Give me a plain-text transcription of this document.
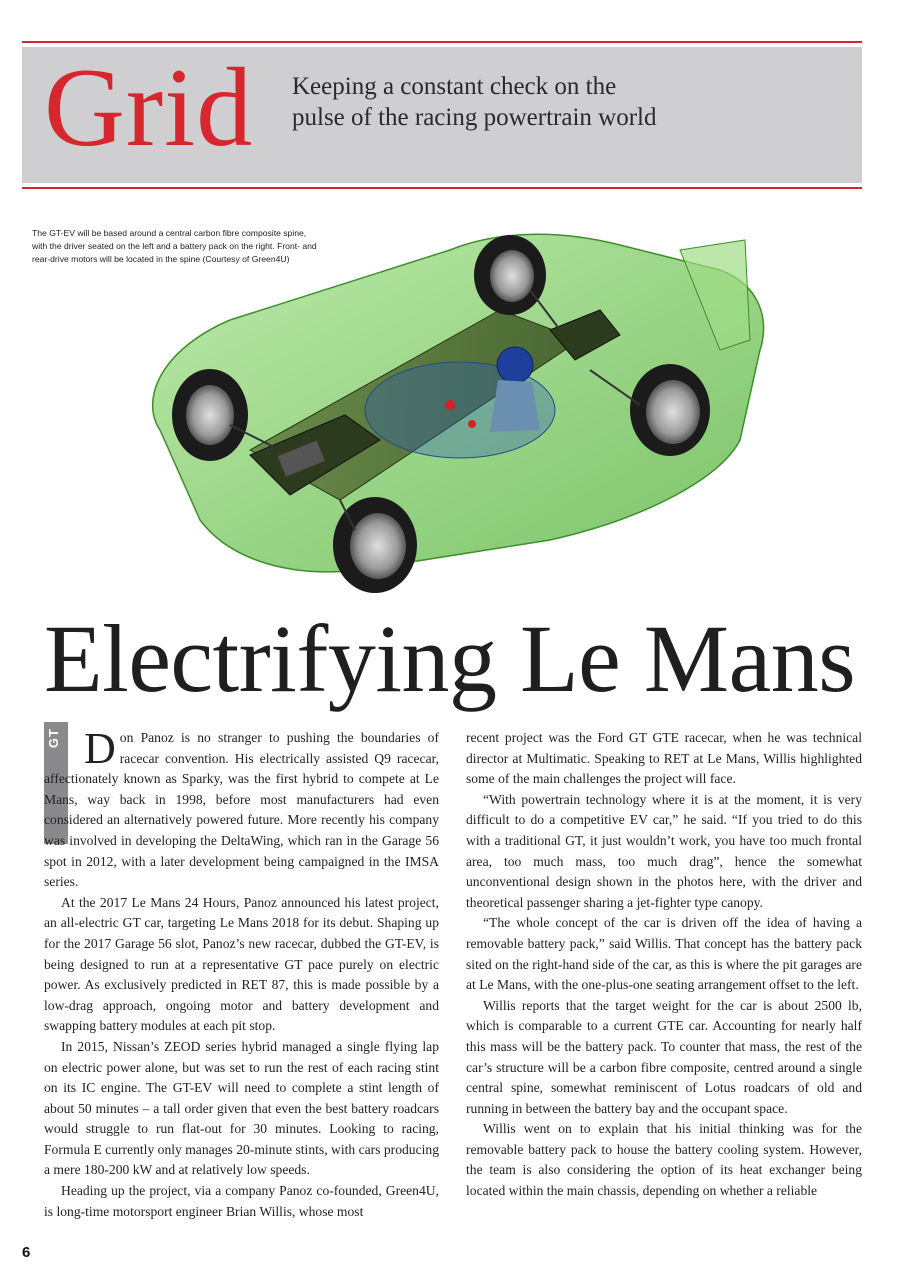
Grid Keeping a constant check on the
pulse of the racing powertrain world
The GT-EV will be based around a central carbon fibre composite spine, with the driver seated on the left and a battery pack on the right. Front- and rear-drive motors will be located in the spine (Courtesy of Green4U)
Electrifying Le Mans
GT Don Panoz is no stranger to pushing the boundaries of racecar convention. His electrically assisted Q9 racecar, affectionately known as Sparky, was the first hybrid to compete at Le Mans, way back in 1998, before most manufacturers had even considered an alternatively powered future. More recently his company was involved in developing the DeltaWing, which ran in the Garage 56 spot in 2012, with a later development being campaigned in the IMSA series.

At the 2017 Le Mans 24 Hours, Panoz announced his latest project, an all-electric GT car, targeting Le Mans 2018 for its debut. Shaping up for the 2017 Garage 56 slot, Panoz’s new racecar, dubbed the GT-EV, is being designed to run at a representative GT pace purely on electric power. As exclusively predicted in RET 87, this is made possible by a low-drag approach, ongoing motor and battery development and swapping battery modules at each pit stop.

In 2015, Nissan’s ZEOD series hybrid managed a single flying lap on electric power alone, but was set to run the rest of each racing stint on its IC engine. The GT-EV will need to complete a stint length of about 50 minutes – a tall order given that even the best battery roadcars would struggle to run flat-out for 30 minutes. Looking to racing, Formula E currently only manages 20-minute stints, with cars producing a mere 180-200 kW and at relatively low speeds.

Heading up the project, via a company Panoz co-founded, Green4U, is long-time motorsport engineer Brian Willis, whose most

recent project was the Ford GT GTE racecar, when he was technical director at Multimatic. Speaking to RET at Le Mans, Willis highlighted some of the main challenges the project will face.

“With powertrain technology where it is at the moment, it is very difficult to do a competitive EV car,” he said. “If you tried to do this with a traditional GT, it just wouldn’t work, you have too much frontal area, too much mass, too much drag”, hence the somewhat unconventional design shown in the photos here, with the driver and theoretical passenger sharing a jet-fighter type canopy.

“The whole concept of the car is driven off the idea of having a removable battery pack,” said Willis. That concept has the battery pack sited on the right-hand side of the car, as this is where the pit garages are at Le Mans, with the one-plus-one seating arrangement offset to the left.

Willis reports that the target weight for the car is about 2500 lb, which is comparable to a current GTE car. Accounting for nearly half this mass will be the battery pack. To counter that mass, the rest of the car’s structure will be a carbon fibre composite, centred around a single central spine, somewhat reminiscent of Lotus roadcars of old and running in between the battery bay and the occupant space.

Willis went on to explain that his initial thinking was for the removable battery pack to house the battery cooling system. However, the team is also considering the option of its heat exchanger being located within the main chassis, depending on whether a reliable

6
